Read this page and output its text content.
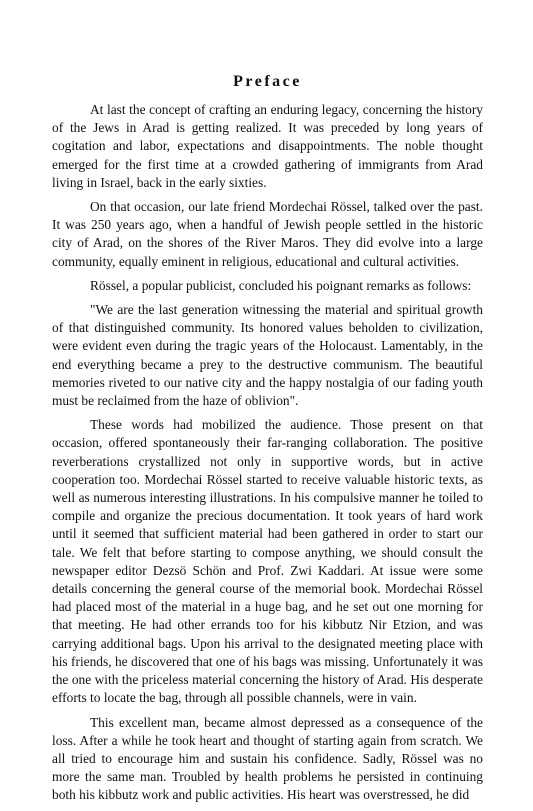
Preface

At last the concept of crafting an enduring legacy, concerning the history of the Jews in Arad is getting realized. It was preceded by long years of cogitation and labor, expectations and disappointments. The noble thought emerged for the first time at a crowded gathering of immigrants from Arad living in Israel, back in the early sixties.

On that occasion, our late friend Mordechai Rössel, talked over the past. It was 250 years ago, when a handful of Jewish people settled in the historic city of Arad, on the shores of the River Maros. They did evolve into a large community, equally eminent in religious, educational and cultural activities.

Rössel, a popular publicist, concluded his poignant remarks as follows:

"We are the last generation witnessing the material and spiritual growth of that distinguished community. Its honored values beholden to civilization, were evident even during the tragic years of the Holocaust. Lamentably, in the end everything became a prey to the destructive communism. The beautiful memories riveted to our native city and the happy nostalgia of our fading youth must be reclaimed from the haze of oblivion".

These words had mobilized the audience. Those present on that occasion, offered spontaneously their far-ranging collaboration. The positive reverberations crystallized not only in supportive words, but in active cooperation too. Mordechai Rössel started to receive valuable historic texts, as well as numerous interesting illustrations. In his compulsive manner he toiled to compile and organize the precious documentation. It took years of hard work until it seemed that sufficient material had been gathered in order to start our tale. We felt that before starting to compose anything, we should consult the newspaper editor Dezsö Schön and Prof. Zwi Kaddari. At issue were some details concerning the general course of the memorial book. Mordechai Rössel had placed most of the material in a huge bag, and he set out one morning for that meeting. He had other errands too for his kibbutz Nir Etzion, and was carrying additional bags. Upon his arrival to the designated meeting place with his friends, he discovered that one of his bags was missing. Unfortunately it was the one with the priceless material concerning the history of Arad. His desperate efforts to locate the bag, through all possible channels, were in vain.

This excellent man, became almost depressed as a consequence of the loss. After a while he took heart and thought of starting again from scratch. We all tried to encourage him and sustain his confidence. Sadly, Rössel was no more the same man. Troubled by health problems he persisted in continuing both his kibbutz work and public activities. His heart was overstressed, he did
